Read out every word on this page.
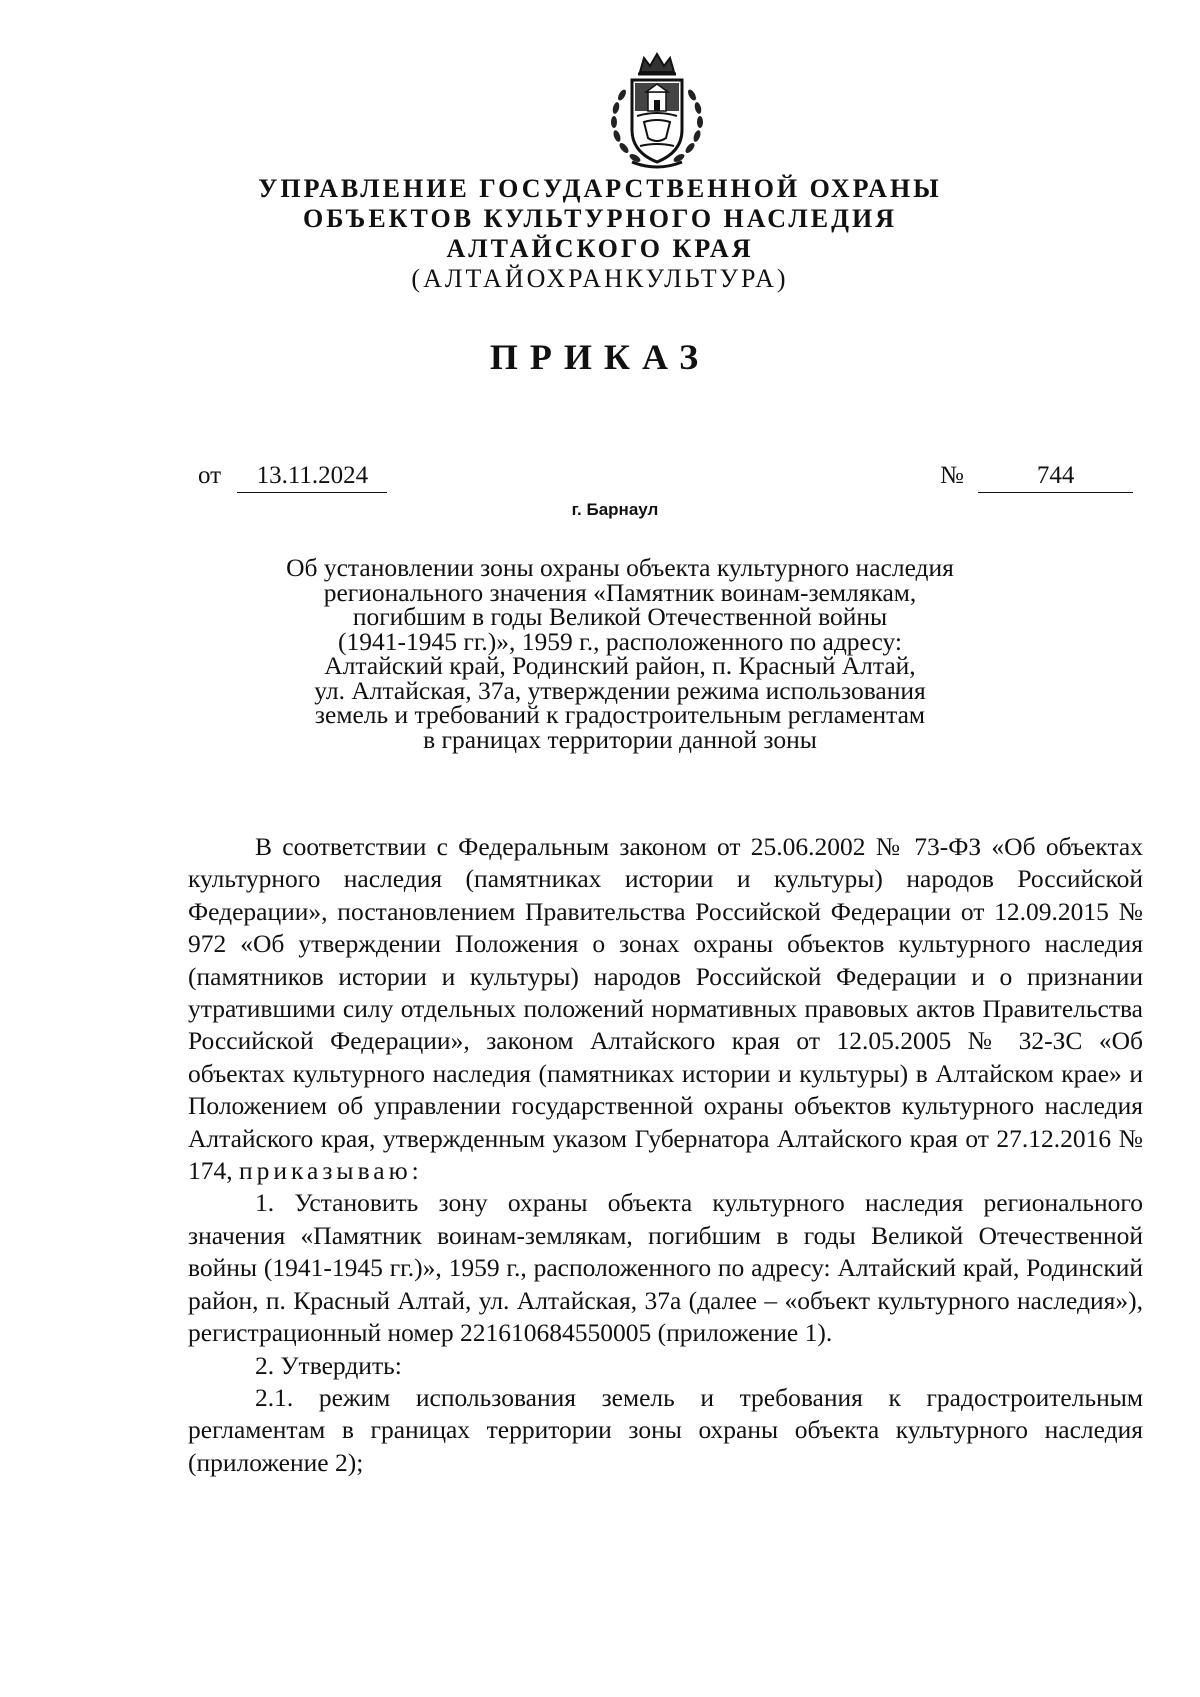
УПРАВЛЕНИЕ ГОСУДАРСТВЕННОЙ ОХРАНЫ
ОБЪЕКТОВ КУЛЬТУРНОГО НАСЛЕДИЯ
АЛТАЙСКОГО КРАЯ
(АЛТАЙОХРАНКУЛЬТУРА)
ПРИКАЗ
от 13.11.2024	№	744
г. Барнаул
Об установлении зоны охраны объекта культурного наследия
регионального значения «Памятник воинам-землякам,
погибшим в годы Великой Отечественной войны
(1941-1945 гг.)», 1959 г., расположенного по адресу:
Алтайский край, Родинский район, п. Красный Алтай,
ул. Алтайская, 37а, утверждении режима использования
земель и требований к градостроительным регламентам
в границах территории данной зоны

В соответствии с Федеральным законом от 25.06.2002 № 73-ФЗ «Об объектах культурного наследия (памятниках истории и культуры) народов Российской Федерации», постановлением Правительства Российской Федерации от 12.09.2015 № 972 «Об утверждении Положения о зонах охраны объектов культурного наследия (памятников истории и культуры) народов Российской Федерации и о признании утратившими силу отдельных положений нормативных правовых актов Правительства Российской Федерации», законом Алтайского края от 12.05.2005 № 32-ЗС «Об объектах культурного наследия (памятниках истории и культуры) в Алтайском крае» и Положением об управлении государственной охраны объектов культурного наследия Алтайского края, утвержденным указом Губернатора Алтайского края от 27.12.2016 № 174, приказываю:

1. Установить зону охраны объекта культурного наследия регионального значения «Памятник воинам-землякам, погибшим в годы Великой Отечественной войны (1941-1945 гг.)», 1959 г., расположенного по адресу: Алтайский край, Родинский район, п. Красный Алтай, ул. Алтайская, 37а (далее – «объект культурного наследия»), регистрационный номер 221610684550005 (приложение 1).

2. Утвердить:

2.1. режим использования земель и требования к градостроительным регламентам в границах территории зоны охраны объекта культурного наследия (приложение 2);
